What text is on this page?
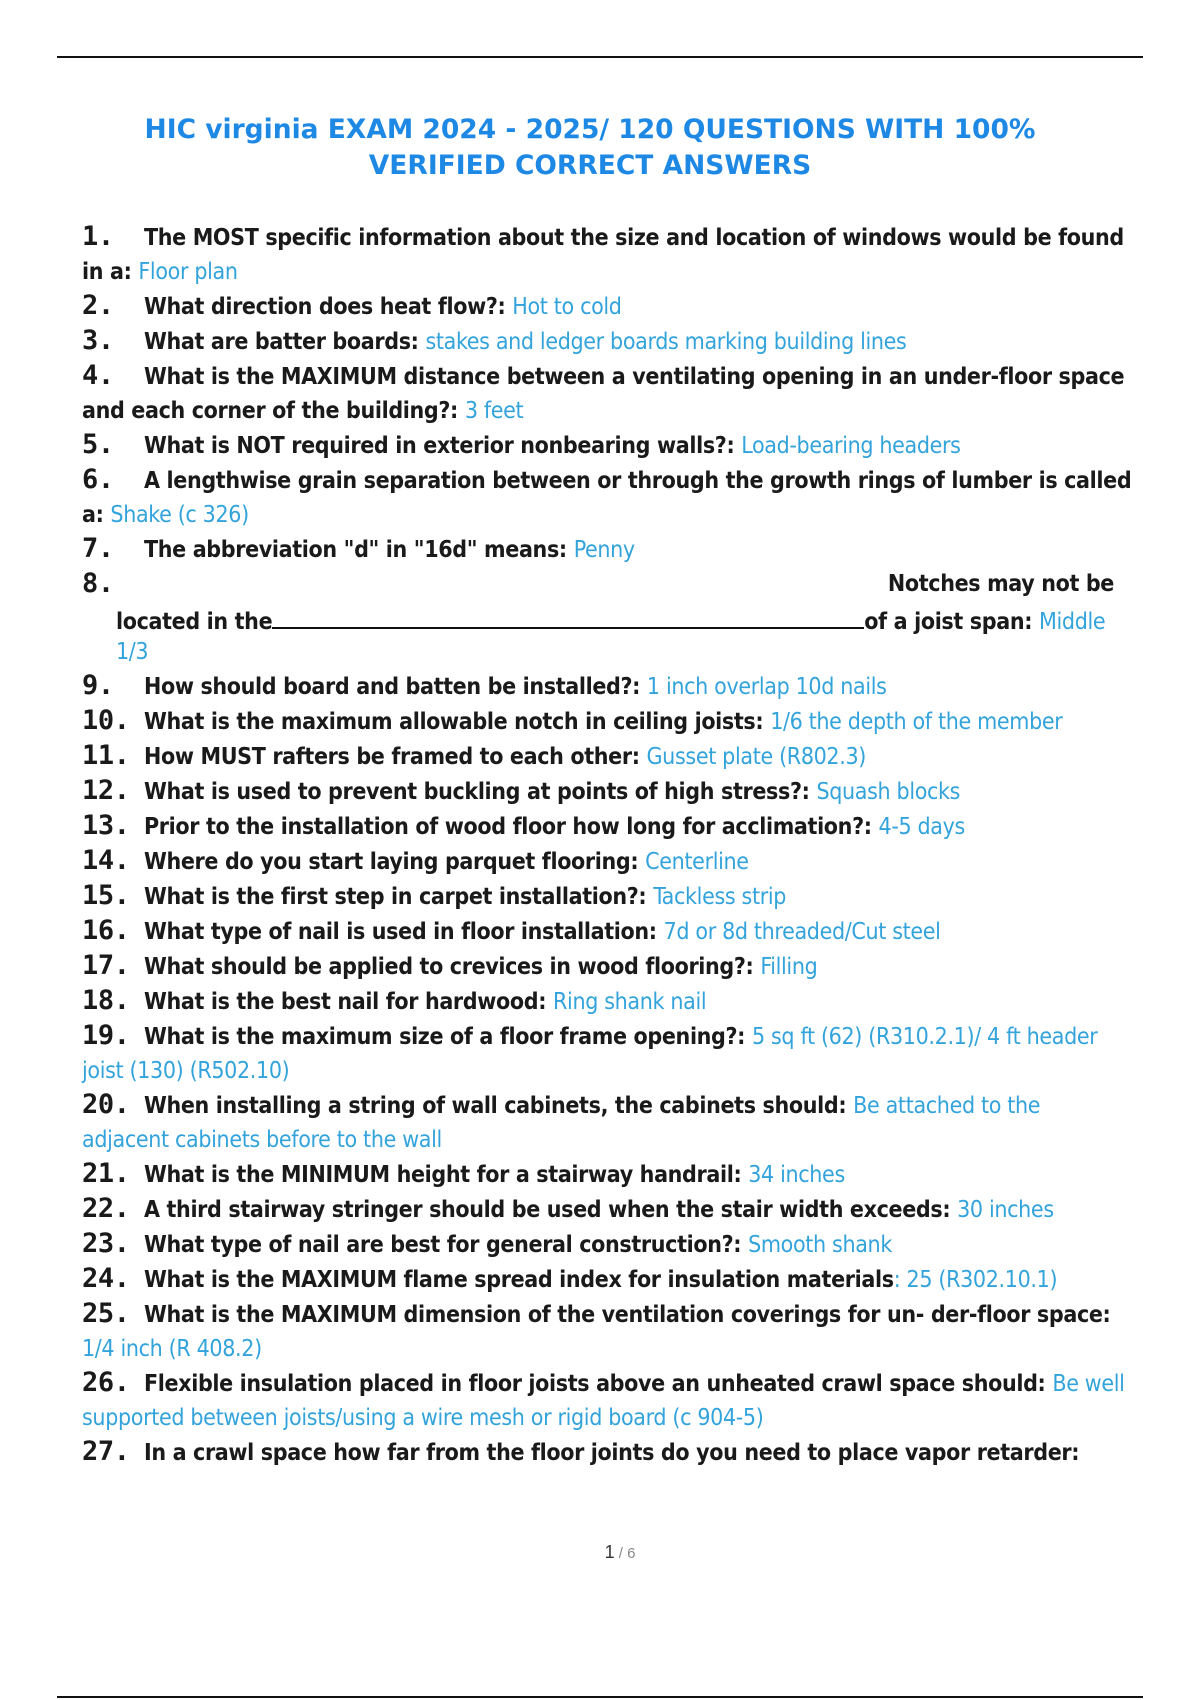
HIC virginia EXAM 2024 - 2025/ 120 QUESTIONS WITH 100%
VERIFIED CORRECT ANSWERS
1. The MOST specific information about the size and location of windows would be found in a: Floor plan
2. What direction does heat flow?: Hot to cold
3. What are batter boards: stakes and ledger boards marking building lines
4. What is the MAXIMUM distance between a ventilating opening in an under-floor space and each corner of the building?: 3 feet
5. What is NOT required in exterior nonbearing walls?: Load-bearing headers
6. A lengthwise grain separation between or through the growth rings of lumber is called a: Shake (c 326)
7. The abbreviation "d" in "16d" means: Penny
8.	Notches may not be
located in the	of a joist span: Middle
1/3
9. How should board and batten be installed?: 1 inch overlap 10d nails
10. What is the maximum allowable notch in ceiling joists: 1/6 the depth of the member
11. How MUST rafters be framed to each other: Gusset plate (R802.3)
12. What is used to prevent buckling at points of high stress?: Squash blocks
13. Prior to the installation of wood floor how long for acclimation?: 4-5 days
14. Where do you start laying parquet flooring: Centerline
15. What is the first step in carpet installation?: Tackless strip
16. What type of nail is used in floor installation: 7d or 8d threaded/Cut steel
17. What should be applied to crevices in wood flooring?: Filling
18. What is the best nail for hardwood: Ring shank nail
19. What is the maximum size of a floor frame opening?: 5 sq ft (62) (R310.2.1)/ 4 ft header joist (130) (R502.10)
20. When installing a string of wall cabinets, the cabinets should: Be attached to the adjacent cabinets before to the wall
21. What is the MINIMUM height for a stairway handrail: 34 inches
22. A third stairway stringer should be used when the stair width exceeds: 30 inches
23. What type of nail are best for general construction?: Smooth shank
24. What is the MAXIMUM flame spread index for insulation materials: 25 (R302.10.1)
25. What is the MAXIMUM dimension of the ventilation coverings for un- der-floor space: 1/4 inch (R 408.2)
26. Flexible insulation placed in floor joists above an unheated crawl space should: Be well supported between joists/using a wire mesh or rigid board (c 904-5)
27. In a crawl space how far from the floor joints do you need to place vapor retarder:
1 / 6
